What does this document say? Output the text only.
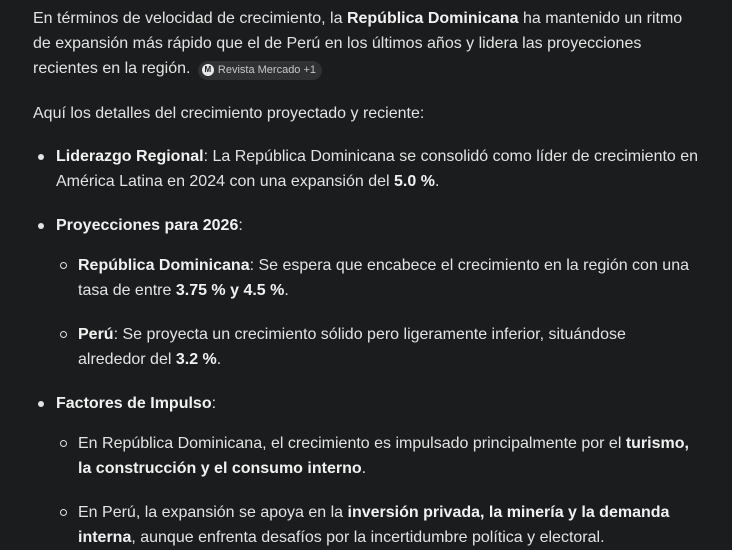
En términos de velocidad de crecimiento, la República Dominicana ha mantenido un ritmo de expansión más rápido que el de Perú en los últimos años y lidera las proyecciones recientes en la región.	M Revista Mercado +1

Aquí los detalles del crecimiento proyectado y reciente:

Liderazgo Regional: La República Dominicana se consolidó como líder de crecimiento en América Latina en 2024 con una expansión del 5.0 %.
Proyecciones para 2026:
República Dominicana: Se espera que encabece el crecimiento en la región con una tasa de entre 3.75 % y 4.5 %.
Perú: Se proyecta un crecimiento sólido pero ligeramente inferior, situándose alrededor del 3.2 %.
Factores de Impulso:
En República Dominicana, el crecimiento es impulsado principalmente por el turismo, la construcción y el consumo interno.
En Perú, la expansión se apoya en la inversión privada, la minería y la demanda interna, aunque enfrenta desafíos por la incertidumbre política y electoral.
